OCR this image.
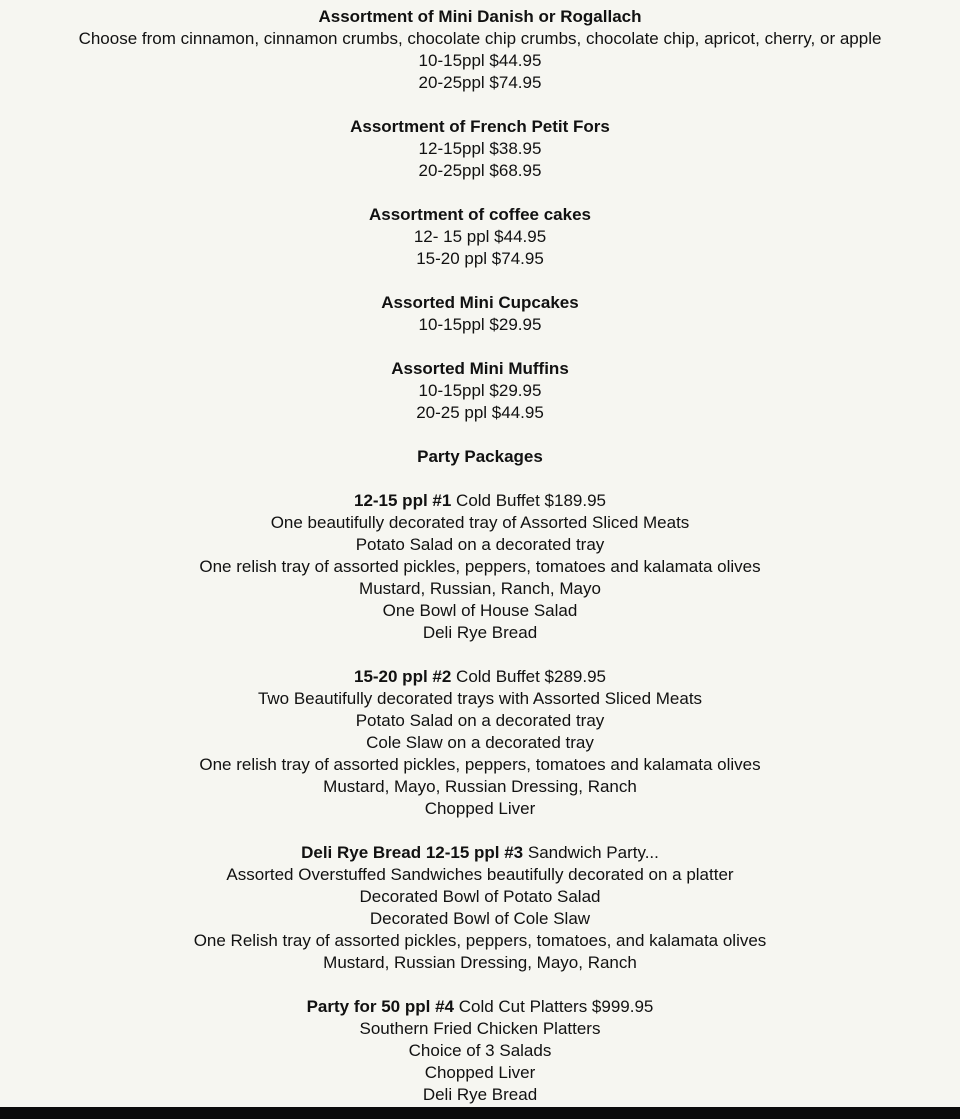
Assortment of Mini Danish or Rogallach
Choose from cinnamon, cinnamon crumbs, chocolate chip crumbs, chocolate chip, apricot, cherry, or apple
10-15ppl $44.95
20-25ppl $74.95
Assortment of French Petit Fors
12-15ppl $38.95
20-25ppl $68.95
Assortment of coffee cakes
12- 15 ppl $44.95
15-20 ppl $74.95
Assorted Mini Cupcakes
10-15ppl $29.95
Assorted Mini Muffins
10-15ppl $29.95
20-25 ppl $44.95
Party Packages
12-15 ppl #1 Cold Buffet $189.95
One beautifully decorated tray of Assorted Sliced Meats
Potato Salad on a decorated tray
One relish tray of assorted pickles, peppers, tomatoes and kalamata olives
Mustard, Russian, Ranch, Mayo
One Bowl of House Salad
Deli Rye Bread
15-20 ppl #2 Cold Buffet $289.95
Two Beautifully decorated trays with Assorted Sliced Meats
Potato Salad on a decorated tray
Cole Slaw on a decorated tray
One relish tray of assorted pickles, peppers, tomatoes and kalamata olives
Mustard, Mayo, Russian Dressing, Ranch
Chopped Liver
Deli Rye Bread 12-15 ppl #3 Sandwich Party...
Assorted Overstuffed Sandwiches beautifully decorated on a platter
Decorated Bowl of Potato Salad
Decorated Bowl of Cole Slaw
One Relish tray of assorted pickles, peppers, tomatoes, and kalamata olives
Mustard, Russian Dressing, Mayo, Ranch
Party for 50 ppl #4 Cold Cut Platters $999.95
Southern Fried Chicken Platters
Choice of 3 Salads
Chopped Liver
Deli Rye Bread
